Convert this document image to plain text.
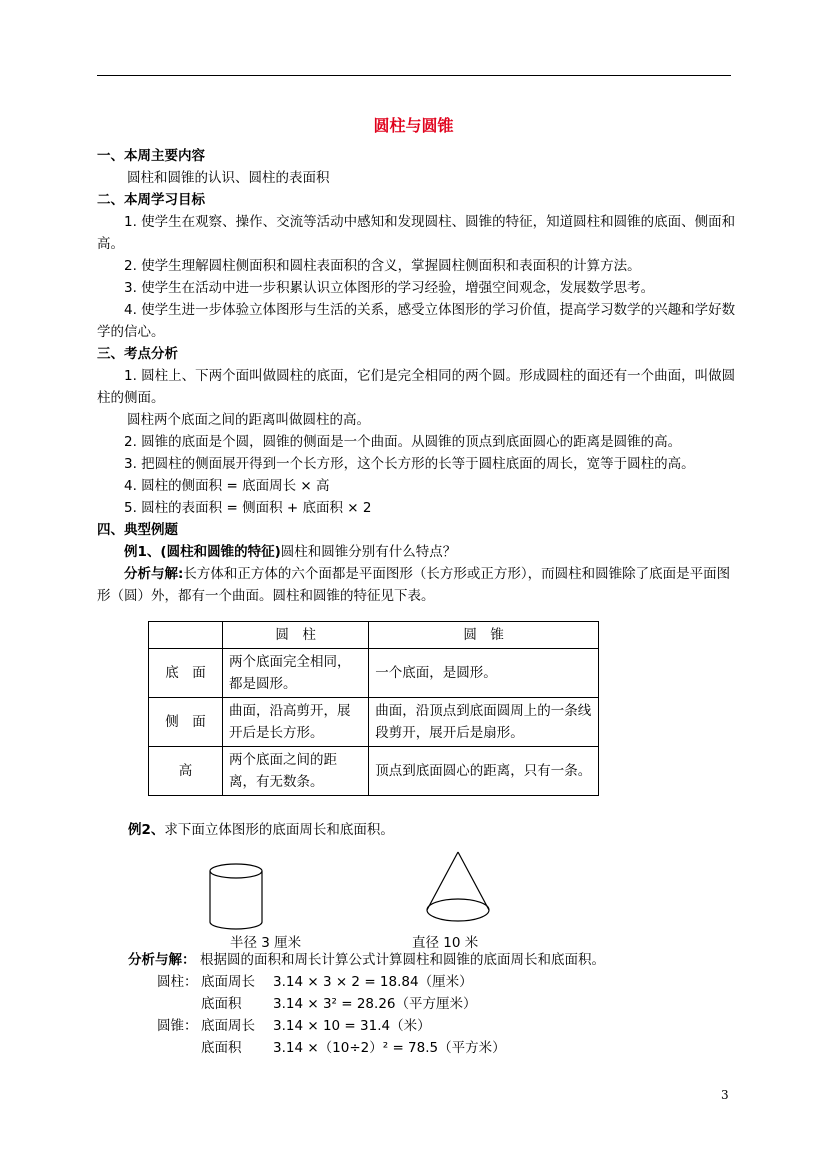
圆柱与圆锥
一、本周主要内容
圆柱和圆锥的认识、圆柱的表面积
二、本周学习目标
1. 使学生在观察、操作、交流等活动中感知和发现圆柱、圆锥的特征，知道圆柱和圆锥的底面、侧面和高。
2. 使学生理解圆柱侧面积和圆柱表面积的含义，掌握圆柱侧面积和表面积的计算方法。
3. 使学生在活动中进一步积累认识立体图形的学习经验，增强空间观念，发展数学思考。
4. 使学生进一步体验立体图形与生活的关系，感受立体图形的学习价值，提高学习数学的兴趣和学好数学的信心。
三、考点分析
1. 圆柱上、下两个面叫做圆柱的底面，它们是完全相同的两个圆。形成圆柱的面还有一个曲面，叫做圆柱的侧面。
圆柱两个底面之间的距离叫做圆柱的高。
2. 圆锥的底面是个圆，圆锥的侧面是一个曲面。从圆锥的顶点到底面圆心的距离是圆锥的高。
3. 把圆柱的侧面展开得到一个长方形，这个长方形的长等于圆柱底面的周长，宽等于圆柱的高。
4. 圆柱的侧面积 = 底面周长 × 高
5. 圆柱的表面积 = 侧面积 + 底面积 × 2
四、典型例题
例1、(圆柱和圆锥的特征)圆柱和圆锥分别有什么特点？
分析与解:长方体和正方体的六个面都是平面图形（长方形或正方形），而圆柱和圆锥除了底面是平面图形（圆）外，都有一个曲面。圆柱和圆锥的特征见下表。
	圆　柱	圆　锥
底　面	两个底面完全相同，都是圆形。	一个底面，是圆形。
侧　面	曲面，沿高剪开，展开后是长方形。	曲面，沿顶点到底面圆周上的一条线段剪开，展开后是扇形。
高	两个底面之间的距离，有无数条。	顶点到底面圆心的距离，只有一条。
例2、求下面立体图形的底面周长和底面积。
半径 3 厘米	直径 10 米
分析与解： 根据圆的面积和周长计算公式计算圆柱和圆锥的底面周长和底面积。
圆柱： 底面周长 3.14 × 3 × 2 = 18.84（厘米）
底面积 3.14 × 3² = 28.26（平方厘米）
圆锥： 底面周长 3.14 × 10 = 31.4（米）
底面积 3.14 ×（10÷2）² = 78.5（平方米）
3
